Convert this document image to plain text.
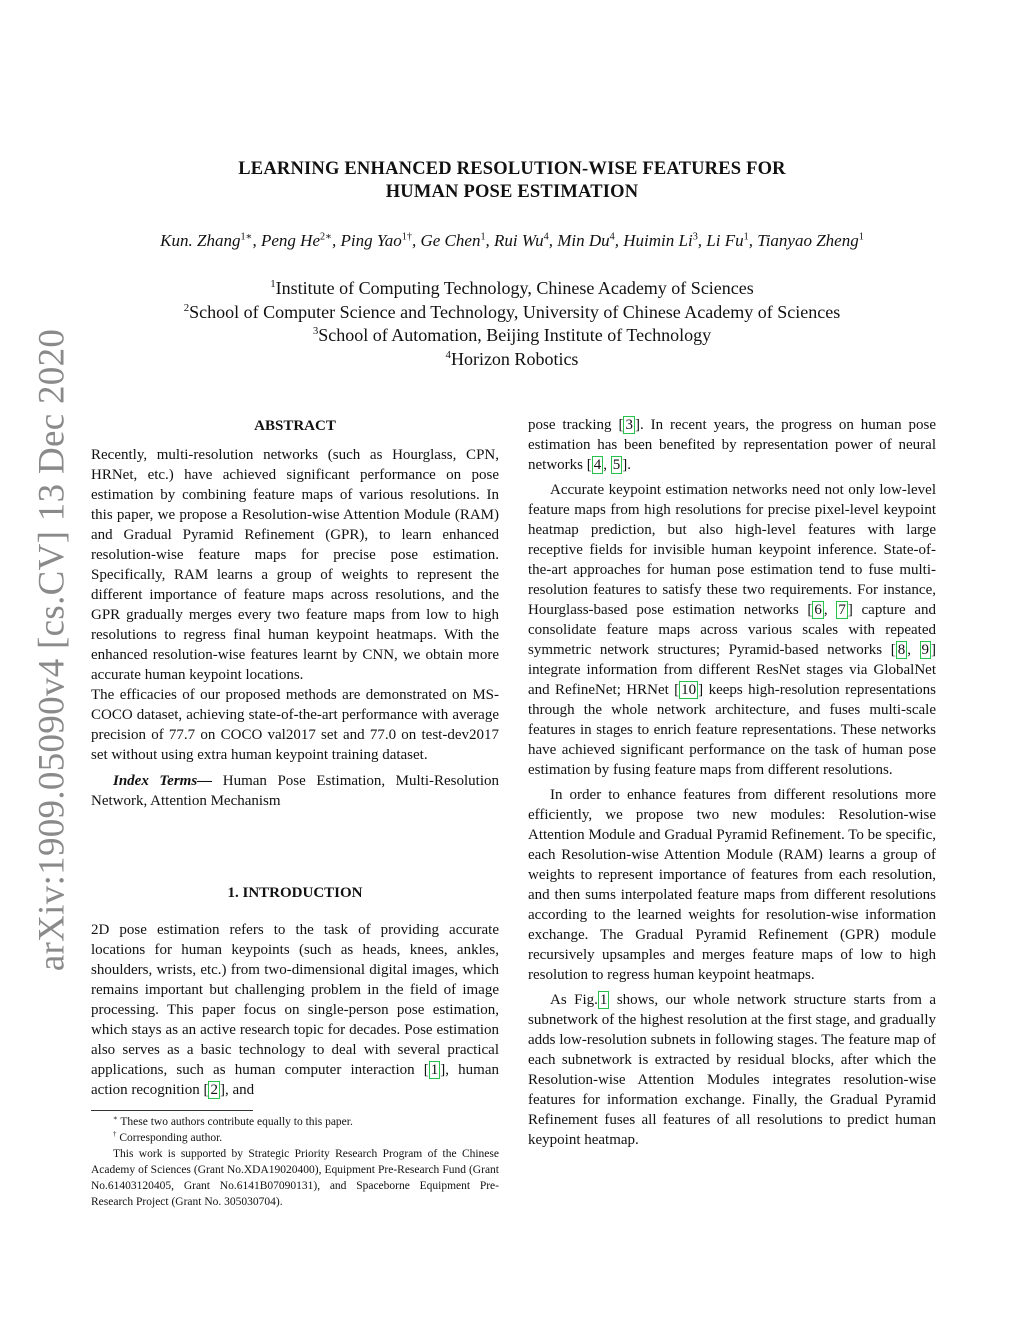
arXiv:1909.05090v4 [cs.CV] 13 Dec 2020
LEARNING ENHANCED RESOLUTION-WISE FEATURES FOR
HUMAN POSE ESTIMATION
Kun. Zhang$^{1∗}$, Peng $He^{2∗}$, Ping Yao$^{1\dagger}$, Ge Chen$^1$, Rui Wu$^4$, Min Du$^4$, Huimin Li$^3$, Li Fu$^1$, Tianyao Zheng$^1$
$^1$Institute of Computing Technology, Chinese Academy of Sciences
$^2$School of Computer Science and Technology, University of Chinese Academy of Sciences
$^3$School of Automation, Beijing Institute of Technology
$^4$Horizon Robotics
ABSTRACT

Recently, multi-resolution networks (such as Hourglass, CPN, HRNet, etc.) have achieved significant performance on pose estimation by combining feature maps of various resolutions. In this paper, we propose a Resolution-wise Attention Module (RAM) and Gradual Pyramid Refinement (GPR), to learn enhanced resolution-wise feature maps for precise pose estimation. Specifically, RAM learns a group of weights to represent the different importance of feature maps across resolutions, and the GPR gradually merges every two feature maps from low to high resolutions to regress final human keypoint heatmaps. With the enhanced resolution-wise features learnt by CNN, we obtain more accurate human keypoint locations.

The efficacies of our proposed methods are demonstrated on MS-COCO dataset, achieving state-of-the-art performance with average precision of 77.7 on COCO val2017 set and 77.0 on test-dev2017 set without using extra human keypoint training dataset.

Index Terms— Human Pose Estimation, Multi-Resolution Network, Attention Mechanism

1. INTRODUCTION

2D pose estimation refers to the task of providing accurate locations for human keypoints (such as heads, knees, ankles, shoulders, wrists, etc.) from two-dimensional digital images, which remains important but challenging problem in the field of image processing. This paper focus on single-person pose estimation, which stays as an active research topic for decades. Pose estimation also serves as a basic technology to deal with several practical applications, such as human computer interaction [ 1 ], human action recognition [ 2 ], and

∗ These two authors contribute equally to this paper.

† Corresponding author.

This work is supported by Strategic Priority Research Program of the Chinese Academy of Sciences (Grant No.XDA19020400), Equipment Pre-Research Fund (Grant No.61403120405, Grant No.6141B07090131), and Spaceborne Equipment Pre-Research Project (Grant No. 305030704).

pose tracking [ 3 ]. In recent years, the progress on human pose estimation has been benefited by representation power of neural networks [ 4 , 5 ].

Accurate keypoint estimation networks need not only low-level feature maps from high resolutions for precise pixel-level keypoint heatmap prediction, but also high-level features with large receptive fields for invisible human keypoint inference. State-of-the-art approaches for human pose estimation tend to fuse multi-resolution features to satisfy these two requirements. For instance, Hourglass-based pose estimation networks [ 6 , 7 ] capture and consolidate feature maps across various scales with repeated symmetric network structures; Pyramid-based networks [ 8 , 9 ] integrate information from different ResNet stages via GlobalNet and RefineNet; HRNet [ 10 ] keeps high-resolution representations through the whole network architecture, and fuses multi-scale features in stages to enrich feature representations. These networks have achieved significant performance on the task of human pose estimation by fusing feature maps from different resolutions.

In order to enhance features from different resolutions more efficiently, we propose two new modules: Resolution-wise Attention Module and Gradual Pyramid Refinement. To be specific, each Resolution-wise Attention Module (RAM) learns a group of weights to represent importance of features from each resolution, and then sums interpolated feature maps from different resolutions according to the learned weights for resolution-wise information exchange. The Gradual Pyramid Refinement (GPR) module recursively upsamples and merges feature maps of low to high resolution to regress human keypoint heatmaps.

As Fig. 1 shows, our whole network structure starts from a subnetwork of the highest resolution at the first stage, and gradually adds low-resolution subnets in following stages. The feature map of each subnetwork is extracted by residual blocks, after which the Resolution-wise Attention Modules integrates resolution-wise features for information exchange. Finally, the Gradual Pyramid Refinement fuses all features of all resolutions to predict human keypoint heatmap.
